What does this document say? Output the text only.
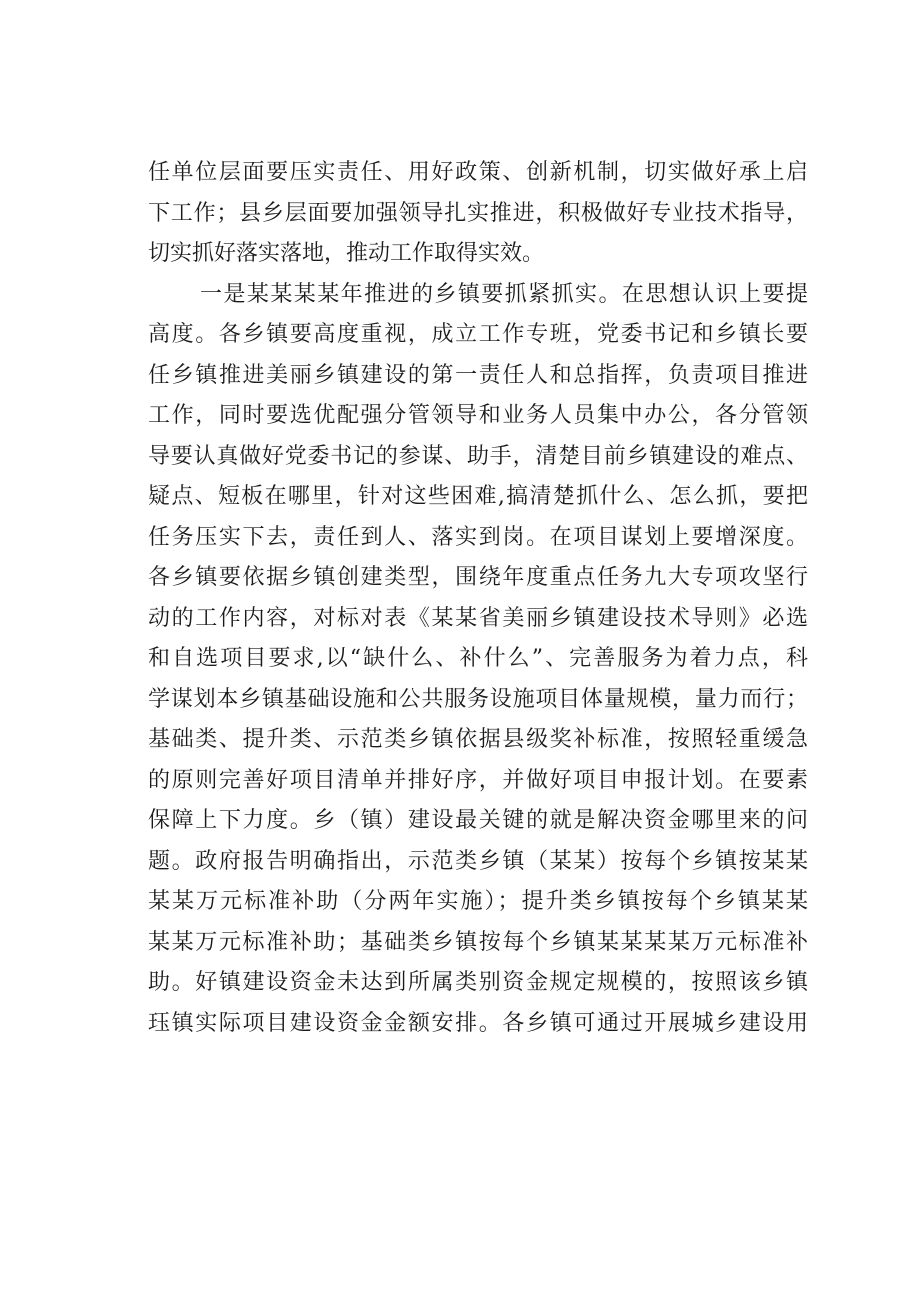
任单位层面要压实责任、用好政策、创新机制，切实做好承上启
下工作；县乡层面要加强领导扎实推进，积极做好专业技术指导，
切实抓好落实落地，推动工作取得实效。
一是某某某某年推进的乡镇要抓紧抓实。在思想认识上要提
高度。各乡镇要高度重视，成立工作专班，党委书记和乡镇长要
任乡镇推进美丽乡镇建设的第一责任人和总指挥，负责项目推进
工作，同时要选优配强分管领导和业务人员集中办公，各分管领
导要认真做好党委书记的参谋、助手，清楚目前乡镇建设的难点、
疑点、短板在哪里，针对这些困难,搞清楚抓什么、怎么抓，要把
任务压实下去，责任到人、落实到岗。在项目谋划上要增深度。
各乡镇要依据乡镇创建类型，围绕年度重点任务九大专项攻坚行
动的工作内容，对标对表《某某省美丽乡镇建设技术导则》必选
和自选项目要求,以“缺什么、补什么”、完善服务为着力点，科
学谋划本乡镇基础设施和公共服务设施项目体量规模，量力而行；
基础类、提升类、示范类乡镇依据县级奖补标准，按照轻重缓急
的原则完善好项目清单并排好序，并做好项目申报计划。在要素
保障上下力度。乡（镇）建设最关键的就是解决资金哪里来的问
题。政府报告明确指出，示范类乡镇（某某）按每个乡镇按某某
某某万元标准补助（分两年实施）；提升类乡镇按每个乡镇某某
某某万元标准补助；基础类乡镇按每个乡镇某某某某万元标准补
助。好镇建设资金未达到所属类别资金规定规模的，按照该乡镇
珏镇实际项目建设资金金额安排。各乡镇可通过开展城乡建设用
